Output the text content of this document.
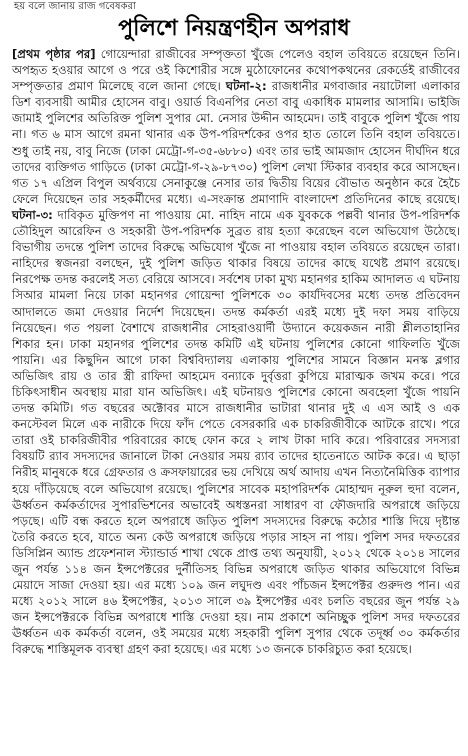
হয় বলে জানায় রাজ গবেষকরা
পুলিশে নিয়ন্ত্রণহীন অপরাধ

[প্রথম পৃষ্ঠার পর] গোয়েন্দারা রাজীবের সম্পৃক্ততা খুঁজে পেলেও বহাল তবিয়তে রয়েছেন তিনি। অপহৃত হওয়ার আগে ও পরে ওই কিশোরীর সঙ্গে মুঠোফোনের কথোপকথনের রেকর্ডেই রাজীবের সম্পৃক্ততার প্রমাণ মিলেছে বলে জানা গেছে। ঘটনা-২: রাজধানীর মগবাজার নয়াটোলা এলাকার ডিশ ব্যবসায়ী আমীর হোসেন বাবু। ওয়ার্ড বিএনপির নেতা বাবু একাধিক মামলার আসামি। ভাইজি জামাই পুলিশের অতিরিক্ত পুলিশ সুপার মো. নেসার উদ্দীন আহমেদ। তাই বাবুকে পুলিশ খুঁজে পায় না। গত ৬ মাস আগে রমনা থানার এক উপ-পরিদর্শকের ওপর হাত তোলে তিনি বহাল তবিয়তে। শুধু তাই নয়, বাবু নিজে (ঢাকা মেট্রো-গ-৩৫-৬৮৮০) এবং তার ভাই আমজাদ হোসেন দীর্ঘদিন ধরে তাদের ব্যক্তিগত গাড়িতে (ঢাকা মেট্রো-গ-২৯-৮৭৩০) পুলিশ লেখা স্টিকার ব্যবহার করে আসছেন। গত ১৭ এপ্রিল বিপুল অর্থব্যয়ে সেনাকুঞ্জে নেসার তার দ্বিতীয় বিয়ের বৌভাত অনুষ্ঠান করে হৈচৈ ফেলে দিয়েছেন তার সহকর্মীদের মধ্যে। এ-সংক্রান্ত প্রমাণাদি বাংলাদেশ প্রতিদিনের কাছে রয়েছে। ঘটনা-৩: দাবিকৃত মুক্তিপণ না পাওয়ায় মো. নাহিদ নামে এক যুবককে পল্লবী থানার উপ-পরিদর্শক তৌহিদুল আরেফিন ও সহকারী উপ-পরিদর্শক সুব্রত রায় হত্যা করেছেন বলে অভিযোগ উঠেছে। বিভাগীয় তদন্তে পুলিশ তাদের বিরুদ্ধে অভিযোগ খুঁজে না পাওয়ায় বহাল তবিয়তে রয়েছেন তারা। নাহিদের স্বজনরা বলছেন, দুই পুলিশ জড়িত থাকার বিষয়ে তাদের কাছে যথেষ্ট প্রমাণ রয়েছে। নিরপেক্ষ তদন্ত করলেই সত্য বেরিয়ে আসবে। সর্বশেষ ঢাকা মুখ্য মহানগর হাকিম আদালত এ ঘটনায় সিআর মামলা নিয়ে ঢাকা মহানগর গোয়েন্দা পুলিশকে ৩০ কার্যদিবসের মধ্যে তদন্ত প্রতিবেদন আদালতে জমা দেওয়ার নির্দেশ দিয়েছেন। তদন্ত কর্মকর্তা এরই মধ্যে দুই দফা সময় বাড়িয়ে নিয়েছেন। গত পয়লা বৈশাখে রাজধানীর সোহরাওয়ার্দী উদ্যানে কয়েকজন নারী শ্লীলতাহানির শিকার হন। ঢাকা মহানগর পুলিশের তদন্ত কমিটি এই ঘটনায় পুলিশের কোনো গাফিলতি খুঁজে পায়নি। এর কিছুদিন আগে ঢাকা বিশ্ববিদ্যালয় এলাকায় পুলিশের সামনে বিজ্ঞান মনস্ক ব্লগার অভিজিৎ রায় ও তার স্ত্রী রাফিদা আহমেদ বন্যাকে দুর্বৃত্তরা কুপিয়ে মারাত্মক জখম করে। পরে চিকিৎসাধীন অবস্থায় মারা যান অভিজিৎ। এই ঘটনায়ও পুলিশের কোনো অবহেলা খুঁজে পায়নি তদন্ত কমিটি। গত বছরের অক্টোবর মাসে রাজধানীর ভাটারা থানার দুই এ এস আই ও এক কনস্টেবল মিলে এক নারীকে দিয়ে ফাঁদ পেতে বেসরকারি এক চাকরিজীবীকে আটকে রাখে। পরে তারা ওই চাকরিজীবীর পরিবারের কাছে ফোন করে ২ লাখ টাকা দাবি করে। পরিবারের সদস্যরা বিষয়টি র‍্যাব সদস্যদের জানালে টাকা নেওয়ার সময় র‍্যাব তাদের হাতেনাতে আটক করে। এ ছাড়া নিরীহ মানুষকে ধরে গ্রেফতার ও ক্রসফায়ারের ভয় দেখিয়ে অর্থ আদায় এখন নিত্যনৈমিত্তিক ব্যাপার হয়ে দাঁড়িয়েছে বলে অভিযোগ রয়েছে। পুলিশের সাবেক মহাপরিদর্শক মোহাম্মদ নূরুল হুদা বলেন, ঊর্ধ্বতন কর্মকর্তাদের সুপারভিশনের অভাবেই অধস্তনরা সাধারণ বা ফৌজদারি অপরাধে জড়িয়ে পড়ছে। এটি বন্ধ করতে হলে অপরাধে জড়িত পুলিশ সদস্যদের বিরুদ্ধে কঠোর শাস্তি দিয়ে দৃষ্টান্ত তৈরি করতে হবে, যাতে অন্য কেউ অপরাধে জড়িয়ে পড়ার সাহস না পায়। পুলিশ সদর দফতরের ডিসিপ্লিন অ্যান্ড প্রফেশনাল স্ট্যান্ডার্ড শাখা থেকে প্রাপ্ত তথ্য অনুযায়ী, ২০১২ থেকে ২০১৪ সালের জুন পর্যন্ত ১১৪ জন ইন্সপেক্টরের দুর্নীতিসহ বিভিন্ন অপরাধে জড়িত থাকার অভিযোগে বিভিন্ন মেয়াদে সাজা দেওয়া হয়। এর মধ্যে ১০৯ জন লঘুদণ্ড এবং পাঁচজন ইন্সপেক্টর গুরুদণ্ড পান। এর মধ্যে ২০১২ সালে ৪৬ ইন্সপেক্টর, ২০১৩ সালে ৩৯ ইন্সপেক্টর এবং চলতি বছরের জুন পর্যন্ত ২৯ জন ইন্সপেক্টরকে বিভিন্ন অপরাধে শাস্তি দেওয়া হয়। নাম প্রকাশে অনিচ্ছুক পুলিশ সদর দফতরের ঊর্ধ্বতন এক কর্মকর্তা বলেন, ওই সময়ের মধ্যে সহকারী পুলিশ সুপার থেকে তদূর্ধ্ব ৩০ কর্মকর্তার বিরুদ্ধে শাস্তিমূলক ব্যবস্থা গ্রহণ করা হয়েছে। এর মধ্যে ১৩ জনকে চাকরিচ্যুত করা হয়েছে।
